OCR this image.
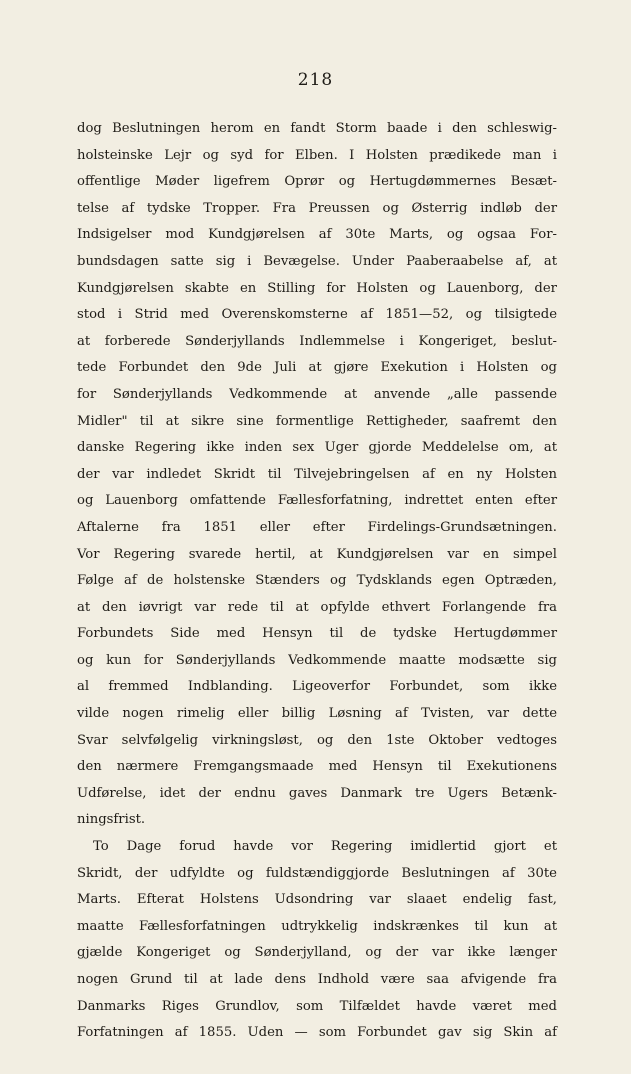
218
dog Beslutningen herom en fandt Storm baade i den schleswig-
holsteinske Lejr og syd for Elben. I Holsten prædikede man i
offentlige Møder ligefrem Oprør og Hertugdømmernes Besæt-
telse af tydske Tropper. Fra Preussen og Østerrig indløb der
Indsigelser mod Kundgjørelsen af 30te Marts, og ogsaa For-
bundsdagen satte sig i Bevægelse. Under Paaberaabelse af, at
Kundgjørelsen skabte en Stilling for Holsten og Lauenborg, der
stod i Strid med Overenskomsterne af 1851—52, og tilsigtede
at forberede Sønderjyllands Indlemmelse i Kongeriget, beslut-
tede Forbundet den 9de Juli at gjøre Exekution i Holsten og
for Sønderjyllands Vedkommende at anvende „alle passende
Midler" til at sikre sine formentlige Rettigheder, saafremt den
danske Regering ikke inden sex Uger gjorde Meddelelse om, at
der var indledet Skridt til Tilvejebringelsen af en ny Holsten
og Lauenborg omfattende Fællesforfatning, indrettet enten efter
Aftalerne fra 1851 eller efter Firdelings-Grundsætningen.
Vor Regering svarede hertil, at Kundgjørelsen var en simpel
Følge af de holstenske Stænders og Tydsklands egen Optræden,
at den iøvrigt var rede til at opfylde ethvert Forlangende fra
Forbundets Side med Hensyn til de tydske Hertugdømmer
og kun for Sønderjyllands Vedkommende maatte modsætte sig
al fremmed Indblanding. Ligeoverfor Forbundet, som ikke
vilde nogen rimelig eller billig Løsning af Tvisten, var dette
Svar selvfølgelig virkningsløst, og den 1ste Oktober vedtoges
den nærmere Fremgangsmaade med Hensyn til Exekutionens
Udførelse, idet der endnu gaves Danmark tre Ugers Betænk-
ningsfrist.
To Dage forud havde vor Regering imidlertid gjort et
Skridt, der udfyldte og fuldstændiggjorde Beslutningen af 30te
Marts. Efterat Holstens Udsondring var slaaet endelig fast,
maatte Fællesforfatningen udtrykkelig indskrænkes til kun at
gjælde Kongeriget og Sønderjylland, og der var ikke længer
nogen Grund til at lade dens Indhold være saa afvigende fra
Danmarks Riges Grundlov, som Tilfældet havde været med
Forfatningen af 1855. Uden — som Forbundet gav sig Skin af
